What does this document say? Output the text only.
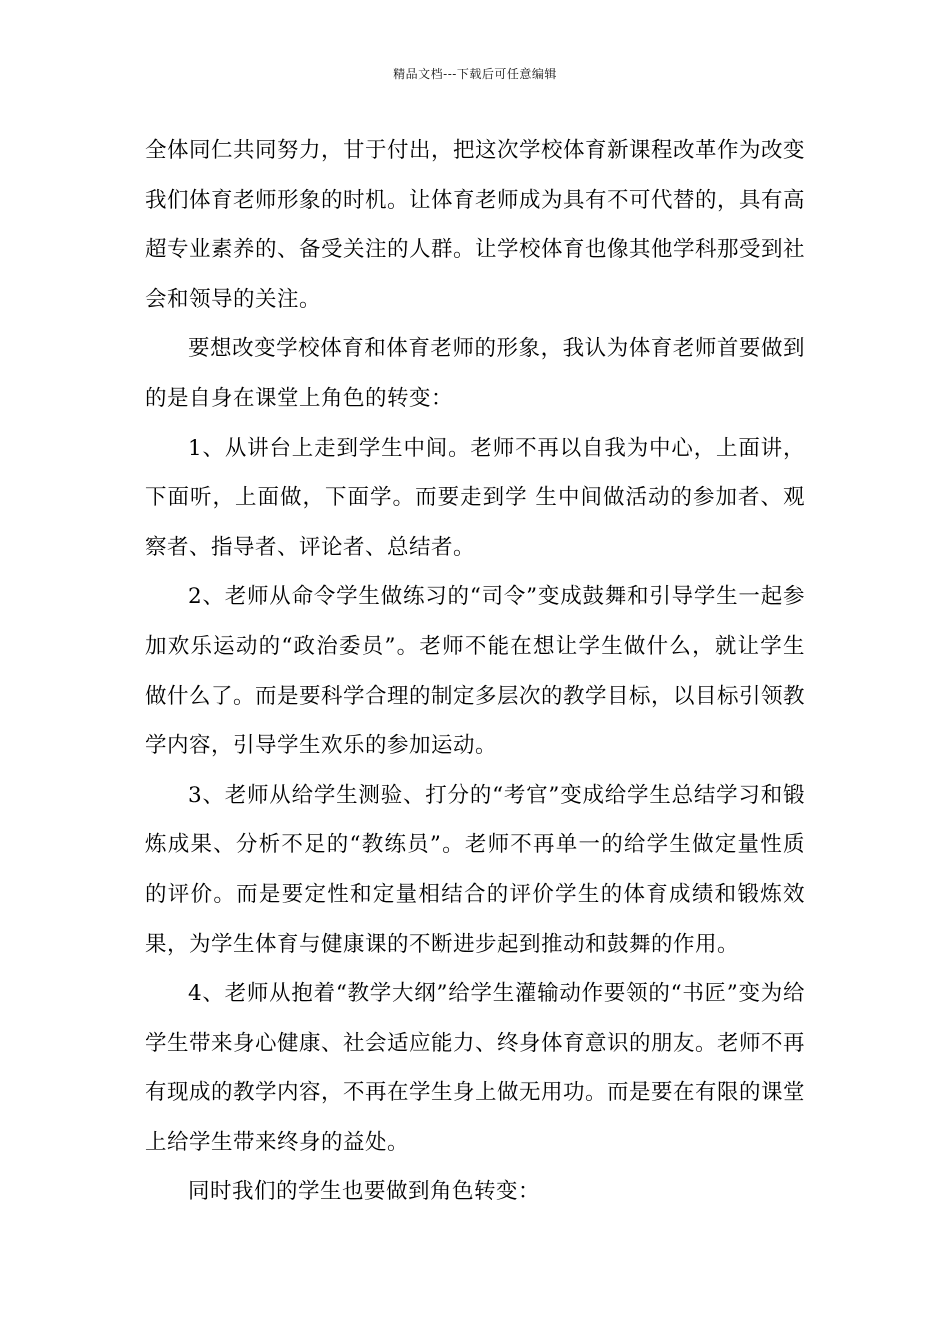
精品文档---下载后可任意编辑

全体同仁共同努力，甘于付出，把这次学校体育新课程改革作为改变我们体育老师形象的时机。让体育老师成为具有不可代替的，具有高超专业素养的、备受关注的人群。让学校体育也像其他学科那受到社会和领导的关注。

要想改变学校体育和体育老师的形象，我认为体育老师首要做到的是自身在课堂上角色的转变：

1、从讲台上走到学生中间。老师不再以自我为中心，上面讲，下面听，上面做，下面学。而要走到学 生中间做活动的参加者、观察者、指导者、评论者、总结者。

2、老师从命令学生做练习的“司令”变成鼓舞和引导学生一起参加欢乐运动的“政治委员”。老师不能在想让学生做什么，就让学生做什么了。而是要科学合理的制定多层次的教学目标，以目标引领教学内容，引导学生欢乐的参加运动。

3、老师从给学生测验、打分的“考官”变成给学生总结学习和锻炼成果、分析不足的“教练员”。老师不再单一的给学生做定量性质的评价。而是要定性和定量相结合的评价学生的体育成绩和锻炼效果，为学生体育与健康课的不断进步起到推动和鼓舞的作用。

4、老师从抱着“教学大纲”给学生灌输动作要领的“书匠”变为给学生带来身心健康、社会适应能力、终身体育意识的朋友。老师不再有现成的教学内容，不再在学生身上做无用功。而是要在有限的课堂上给学生带来终身的益处。

同时我们的学生也要做到角色转变：
